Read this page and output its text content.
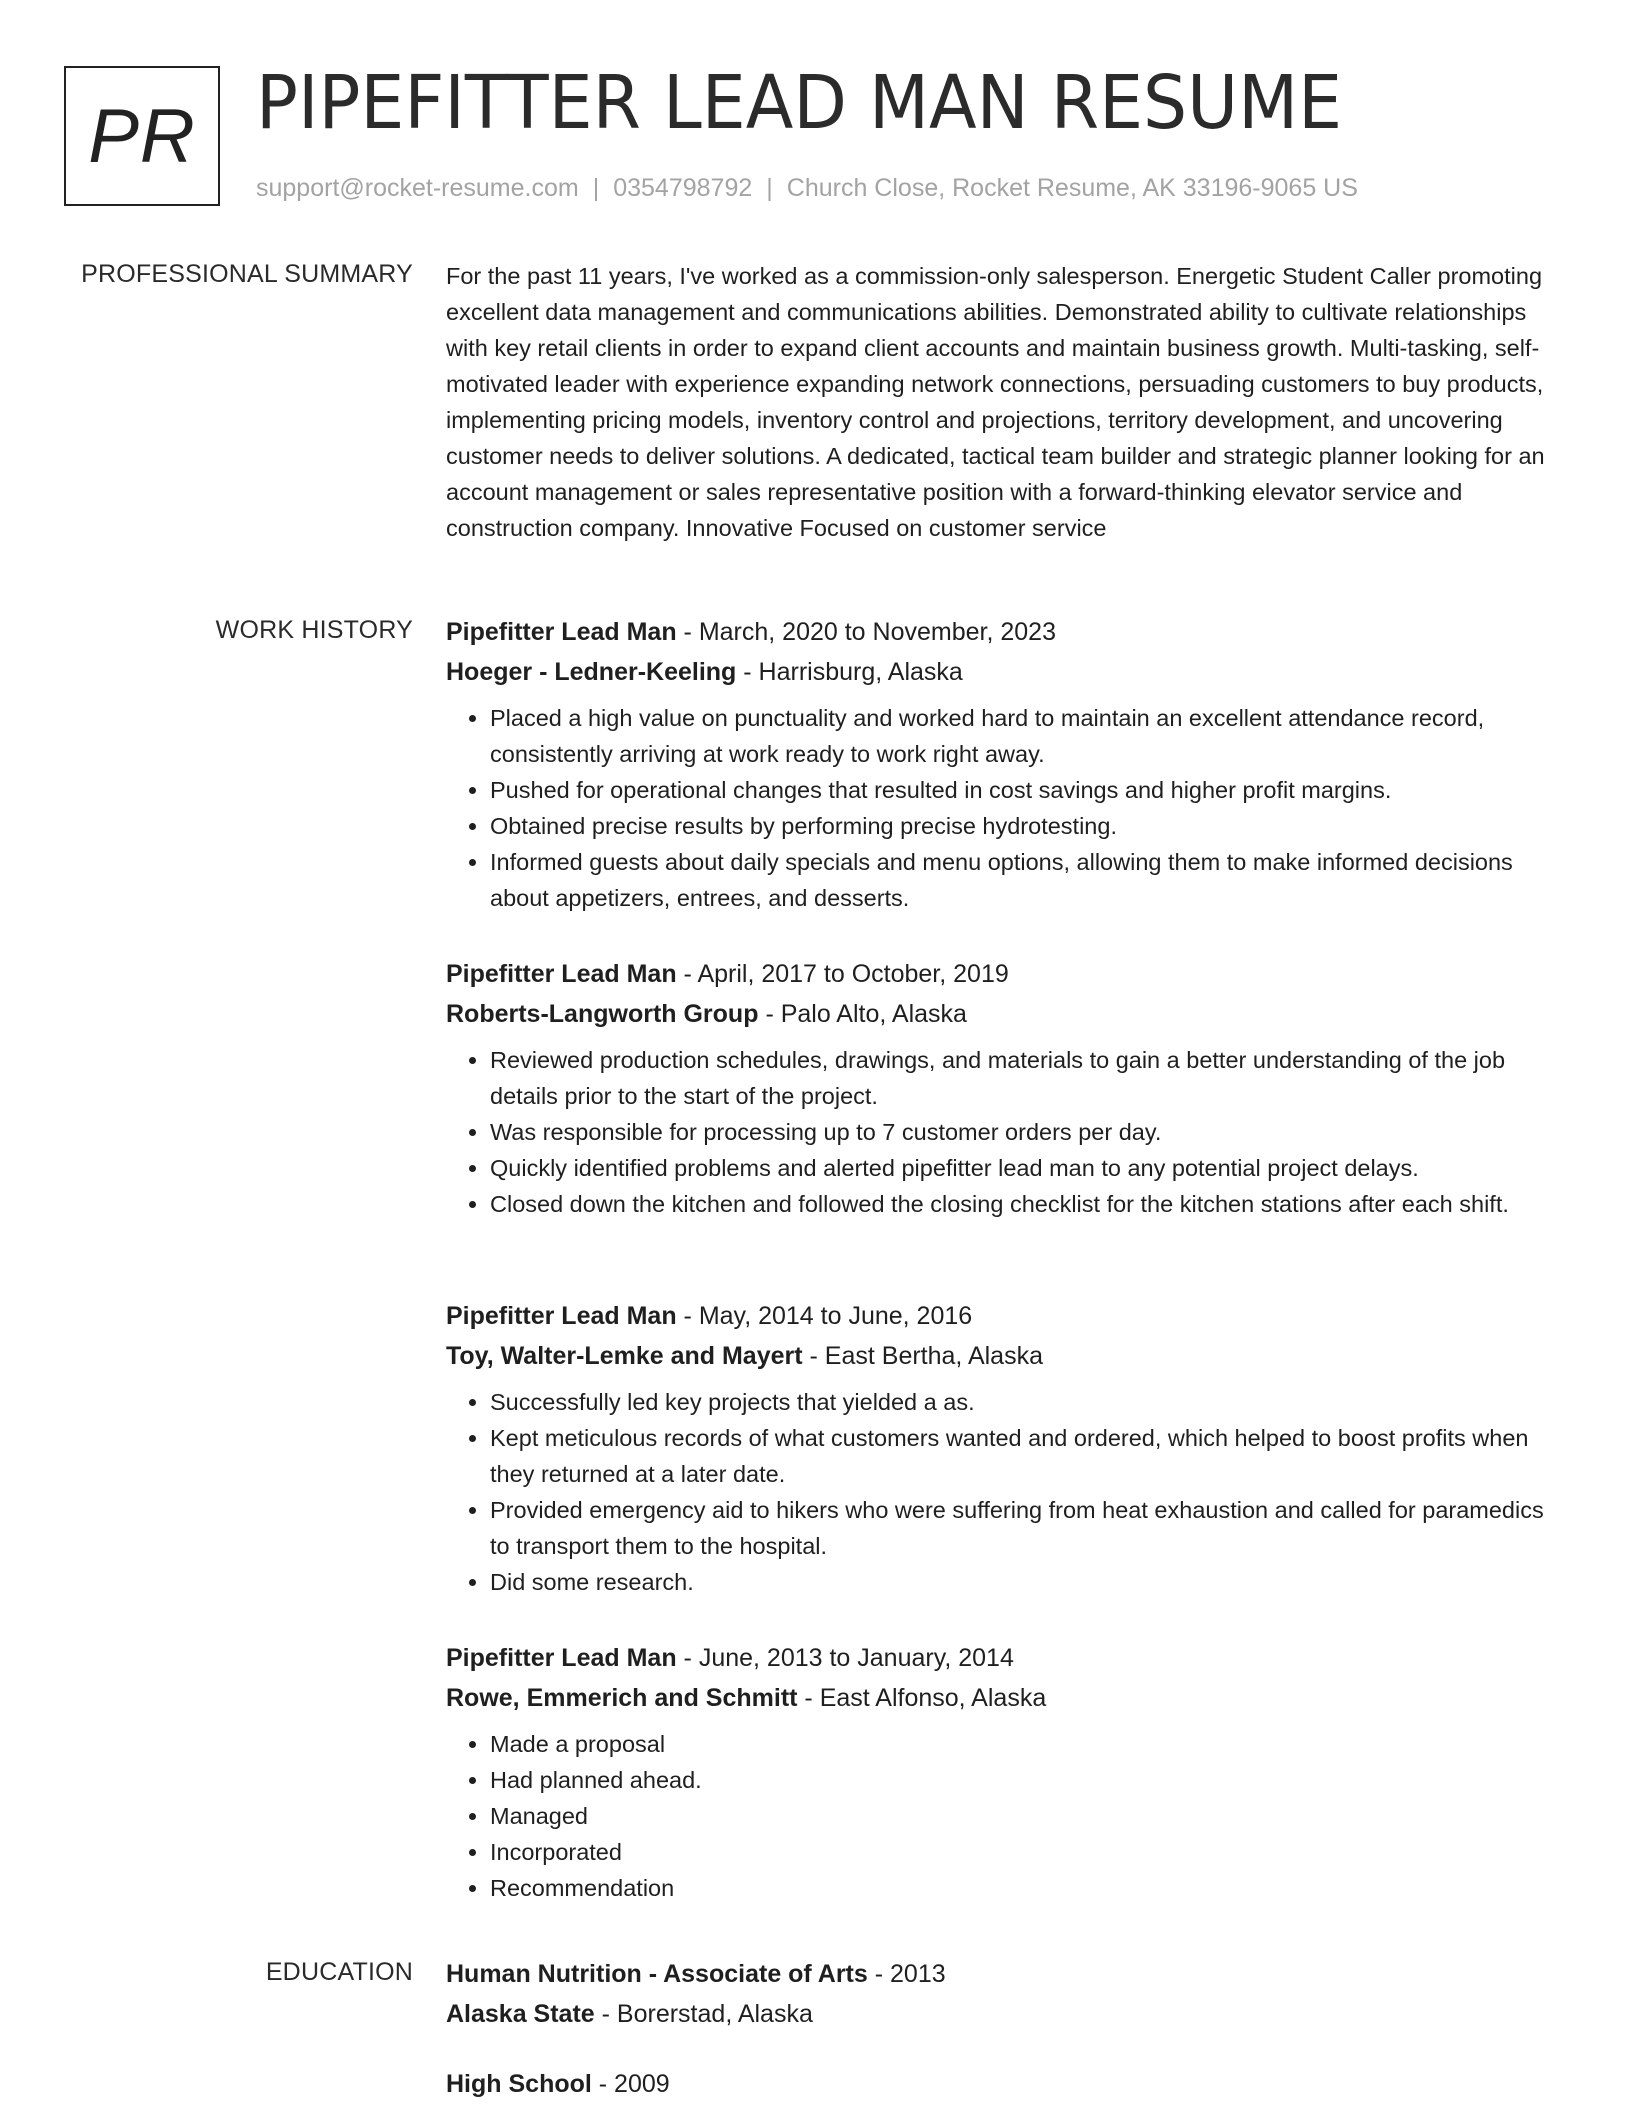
PR PIPEFITTER LEAD MAN RESUME
support@rocket-resume.com | 0354798792 | Church Close, Rocket Resume, AK 33196-9065 US
PROFESSIONAL SUMMARY For the past 11 years, I've worked as a commission-only salesperson. Energetic Student Caller promoting excellent data management and communications abilities. Demonstrated ability to cultivate relationships with key retail clients in order to expand client accounts and maintain business growth. Multi-tasking, self-motivated leader with experience expanding network connections, persuading customers to buy products, implementing pricing models, inventory control and projections, territory development, and uncovering customer needs to deliver solutions. A dedicated, tactical team builder and strategic planner looking for an account management or sales representative position with a forward-thinking elevator service and construction company. Innovative Focused on customer service

WORK HISTORY Pipefitter Lead Man - March, 2020 to November, 2023
Hoeger - Ledner-Keeling - Harrisburg, Alaska
• Placed a high value on punctuality and worked hard to maintain an excellent attendance record, consistently arriving at work ready to work right away.
• Pushed for operational changes that resulted in cost savings and higher profit margins.
• Obtained precise results by performing precise hydrotesting.
• Informed guests about daily specials and menu options, allowing them to make informed decisions about appetizers, entrees, and desserts.
Pipefitter Lead Man - April, 2017 to October, 2019
Roberts-Langworth Group - Palo Alto, Alaska
• Reviewed production schedules, drawings, and materials to gain a better understanding of the job details prior to the start of the project.
• Was responsible for processing up to 7 customer orders per day.
• Quickly identified problems and alerted pipefitter lead man to any potential project delays.
• Closed down the kitchen and followed the closing checklist for the kitchen stations after each shift.
Pipefitter Lead Man - May, 2014 to June, 2016
Toy, Walter-Lemke and Mayert - East Bertha, Alaska
• Successfully led key projects that yielded a as.
• Kept meticulous records of what customers wanted and ordered, which helped to boost profits when they returned at a later date.
• Provided emergency aid to hikers who were suffering from heat exhaustion and called for paramedics to transport them to the hospital.
• Did some research.
Pipefitter Lead Man - June, 2013 to January, 2014
Rowe, Emmerich and Schmitt - East Alfonso, Alaska
• Made a proposal
• Had planned ahead.
• Managed
• Incorporated
• Recommendation
EDUCATION Human Nutrition - Associate of Arts - 2013
Alaska State - Borerstad, Alaska
High School - 2009
